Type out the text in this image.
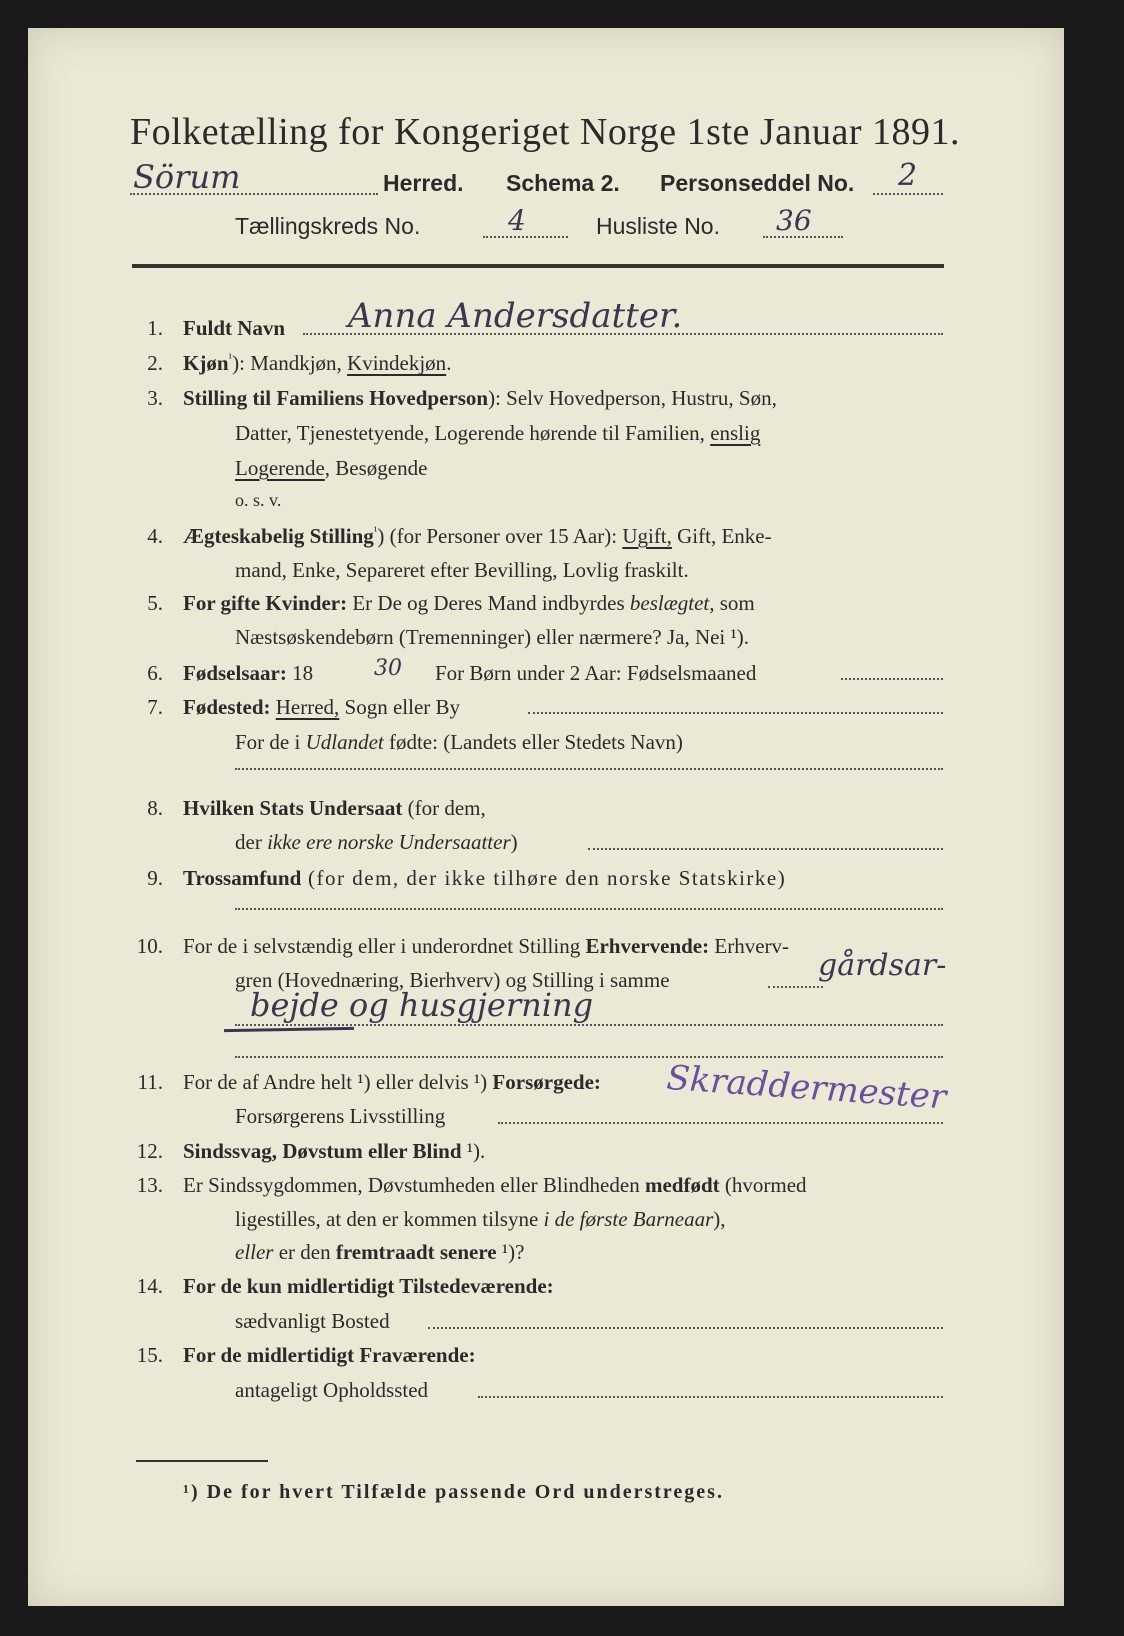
Folketælling for Kongeriget Norge 1ste Januar 1891.
Sörum	Herred. Schema 2. Personseddel No. 2
Tællingskreds No.	4	Husliste No. 36
1. Fuldt Navn Anna Andersdatter.
2. Kjøn$^{^1}$): Mandkjøn, Kvindekjøn.
3. Stilling til Familiens Hovedperson): Selv Hovedperson, Hustru, Søn,
Datter, Tjenestetyende, Logerende hørende til Familien, enslig
Logerende, Besøgende
o. s. v.
4. Ægteskabelig Stilling$^{^1}$) (for Personer over 15 Aar): Ugift, Gift, Enke-
mand, Enke, Separeret efter Bevilling, Lovlig fraskilt.
5. For gifte Kvinder: Er De og Deres Mand indbyrdes beslægtet, som
Næstsøskendebørn (Tremenninger) eller nærmere? Ja, Nei ¹).
6. Fødselsaar: 18	30 For Børn under 2 Aar: Fødselsmaaned
7. Fødested: Herred, Sogn eller By
For de i Udlandet fødte: (Landets eller Stedets Navn)
8. Hvilken Stats Undersaat (for dem,
der ikke ere norske Undersaatter)
9. Trossamfund (for dem, der ikke tilhøre den norske Statskirke)
10. For de i selvstændig eller i underordnet Stilling Erhvervende: Erhverv-
gren (Hovednæring, Bierhverv) og Stilling i samme	gårdsar-
bejde og husgjerning
11. For de af Andre helt ¹) eller delvis ¹) Forsørgede:
Forsørgerens Livsstilling	Skraddermester
12. Sindssvag, Døvstum eller Blind ¹).
13. Er Sindssygdommen, Døvstumheden eller Blindheden medfødt (hvormed
ligestilles, at den er kommen tilsyne i de første Barneaar),
eller er den fremtraadt senere ¹)?
14. For de kun midlertidigt Tilstedeværende:
sædvanligt Bosted
15. For de midlertidigt Fraværende:
antageligt Opholdssted
¹) De for hvert Tilfælde passende Ord understreges.
